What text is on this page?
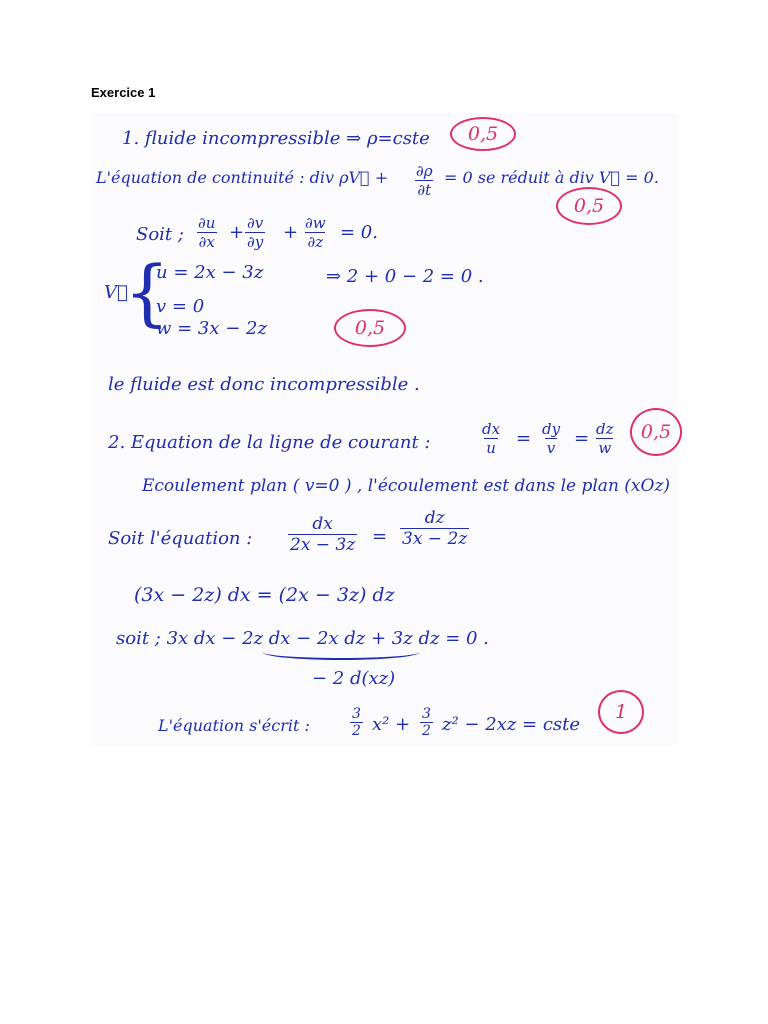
Exercice 1
1. fluide incompressible ⇒ ρ=cste	0,5
L'équation de continuité : div ρV⃗ + $\frac{\partial\rho}{\partial t} = 0$ se réduit à div V⃗ = 0.
0,5
Soit ; $\frac{\partial u}{\partial x} + \frac{\partial v}{\partial y} + \frac{\partial w}{\partial z} = 0$.
V⃗
{
u = 2x − 3z
v = 0
w = 3x − 2z
⇒ 2 + 0 − 2 = 0 .
0,5
le fluide est donc incompressible .
2. Equation de la ligne de courant :	$\frac{dx}{u} = \frac{dy}{v} = \frac{dz}{w}$	0,5
Ecoulement plan ( v=0 ) , l'écoulement est dans le plan (xOz)
Soit l'équation : $\frac{dx}{2x - 3z} = \frac{dz}{3x - 2z}$
(3x − 2z) dx = (2x − 3z) dz
soit ; 3x dx − 2z dx − 2x dz + 3z dz = 0 .
− 2 d(xz)
L'équation s'écrit :	$\frac{3}{2} x^2 + \frac{3}{2} z^2 - 2xz$ = cste
1
